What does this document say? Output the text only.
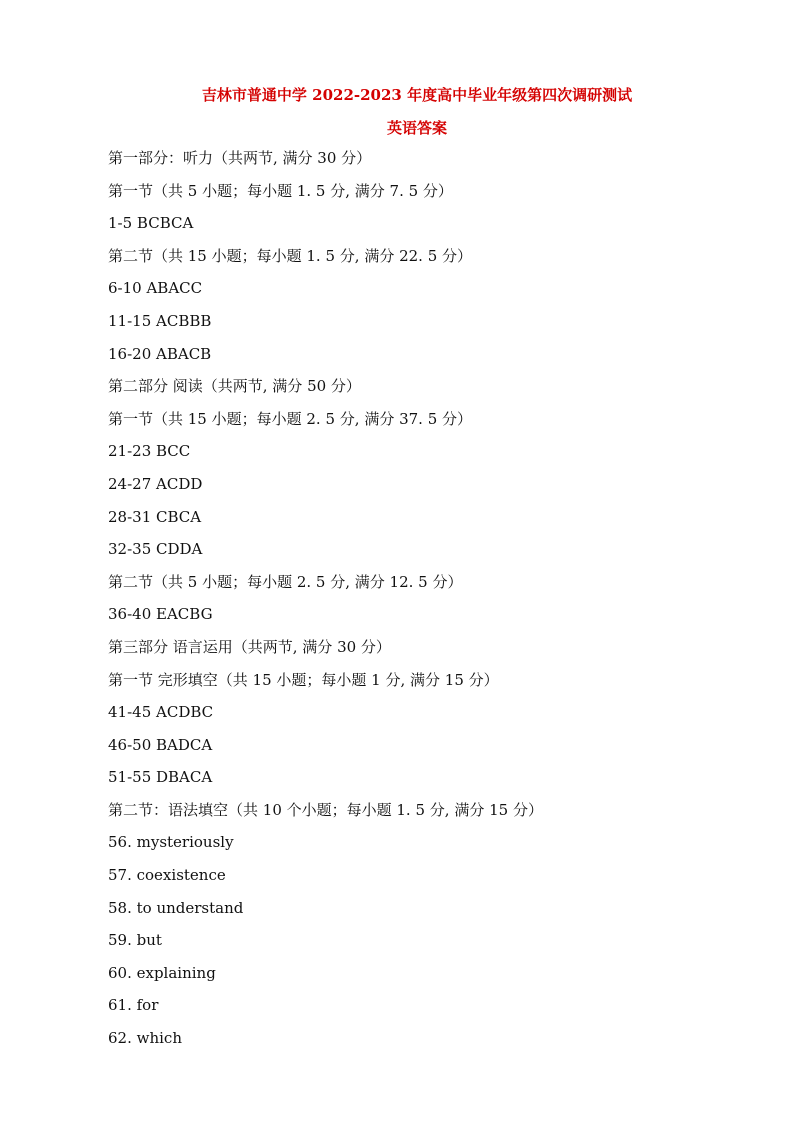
吉林市普通中学 2022-2023 年度高中毕业年级第四次调研测试
英语答案
第一部分：听力（共两节, 满分 30 分）
第一节（共 5 小题；每小题 1. 5 分, 满分 7. 5 分）
1-5 BCBCA
第二节（共 15 小题；每小题 1. 5 分, 满分 22. 5 分）
6-10 ABACC
11-15 ACBBB
16-20 ABACB
第二部分 阅读（共两节, 满分 50 分）
第一节（共 15 小题；每小题 2. 5 分, 满分 37. 5 分）
21-23 BCC
24-27 ACDD
28-31 CBCA
32-35 CDDA
第二节（共 5 小题；每小题 2. 5 分, 满分 12. 5 分）
36-40 EACBG
第三部分 语言运用（共两节, 满分 30 分）
第一节 完形填空（共 15 小题；每小题 1 分, 满分 15 分）
41-45 ACDBC
46-50 BADCA
51-55 DBACA
第二节：语法填空（共 10 个小题；每小题 1. 5 分, 满分 15 分）
56. mysteriously
57. coexistence
58. to understand
59. but
60. explaining
61. for
62. which
